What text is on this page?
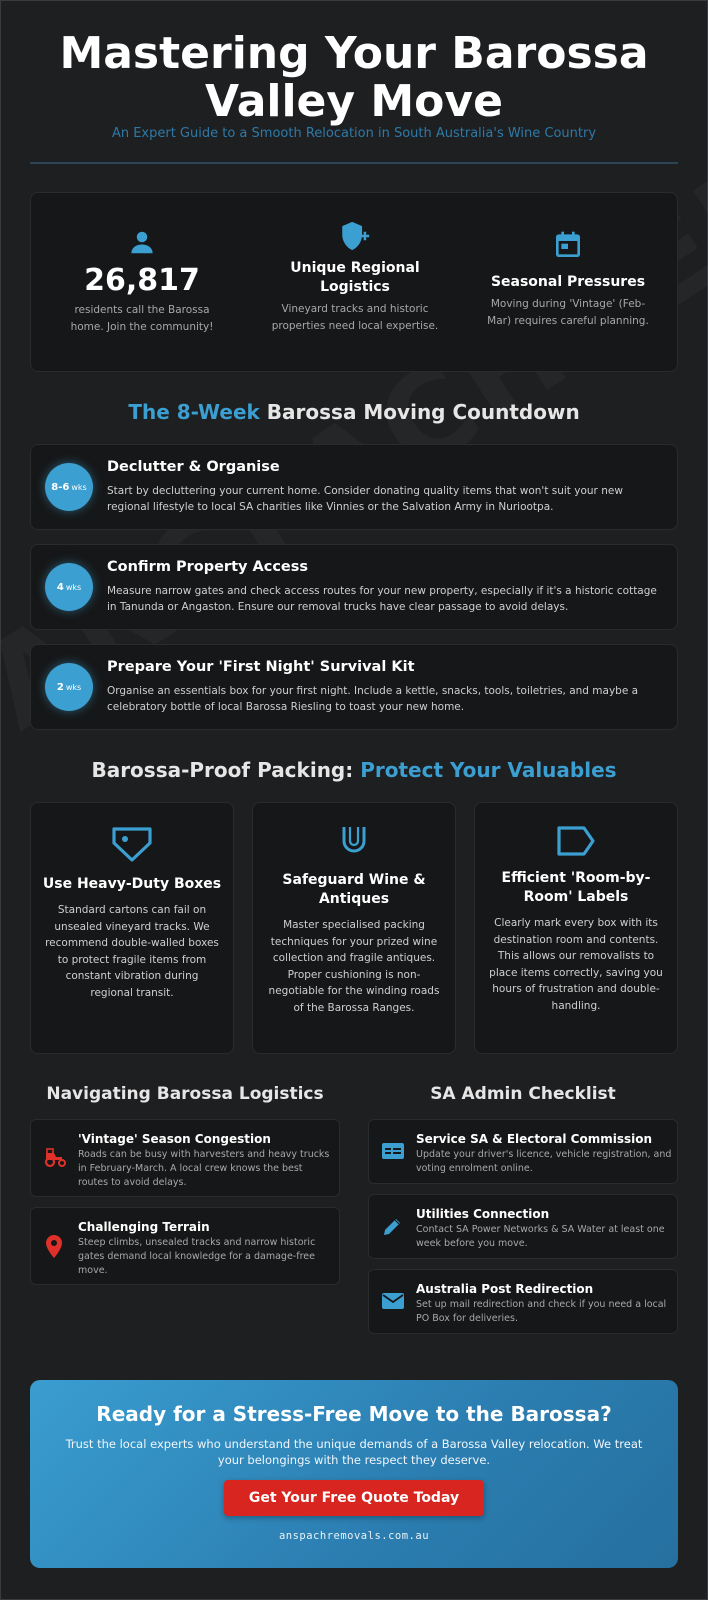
Mastering Your Barossa
Valley Move
An Expert Guide to a Smooth Relocation in South Australia's Wine Country
26,817
residents call the Barossa home. Join the community!
Unique Regional Logistics
Vineyard tracks and historic properties need local expertise.
Seasonal Pressures
Moving during 'Vintage' (Feb-Mar) requires careful planning.
The 8-Week Barossa Moving Countdown
8-6 wks
Declutter & Organise
Start by decluttering your current home. Consider donating quality items that won't suit your new regional lifestyle to local SA charities like Vinnies or the Salvation Army in Nuriootpa.
4 wks
Confirm Property Access
Measure narrow gates and check access routes for your new property, especially if it's a historic cottage in Tanunda or Angaston. Ensure our removal trucks have clear passage to avoid delays.
2 wks
Prepare Your 'First Night' Survival Kit
Organise an essentials box for your first night. Include a kettle, snacks, tools, toiletries, and maybe a celebratory bottle of local Barossa Riesling to toast your new home.
Barossa-Proof Packing: Protect Your Valuables
Use Heavy-Duty Boxes
Standard cartons can fail on unsealed vineyard tracks. We recommend double-walled boxes to protect fragile items from constant vibration during regional transit.
Safeguard Wine & Antiques
Master specialised packing techniques for your prized wine collection and fragile antiques. Proper cushioning is non-negotiable for the winding roads of the Barossa Ranges.
Efficient 'Room-by-Room' Labels
Clearly mark every box with its destination room and contents. This allows our removalists to place items correctly, saving you hours of frustration and double-handling.
Navigating Barossa Logistics
'Vintage' Season Congestion
Roads can be busy with harvesters and heavy trucks
in February-March. A local crew knows the best
routes to avoid delays.
Challenging Terrain
Steep climbs, unsealed tracks and narrow historic
gates demand local knowledge for a damage-free
move.
SA Admin Checklist
Service SA & Electoral Commission
Update your driver's licence, vehicle registration, and
voting enrolment online.
Utilities Connection
Contact SA Power Networks & SA Water at least one
week before you move.
Australia Post Redirection
Set up mail redirection and check if you need a local
PO Box for deliveries.
Ready for a Stress-Free Move to the Barossa?
Trust the local experts who understand the unique demands of a Barossa Valley relocation. We treat your belongings with the respect they deserve.
Get Your Free Quote Today
anspachremovals.com.au
